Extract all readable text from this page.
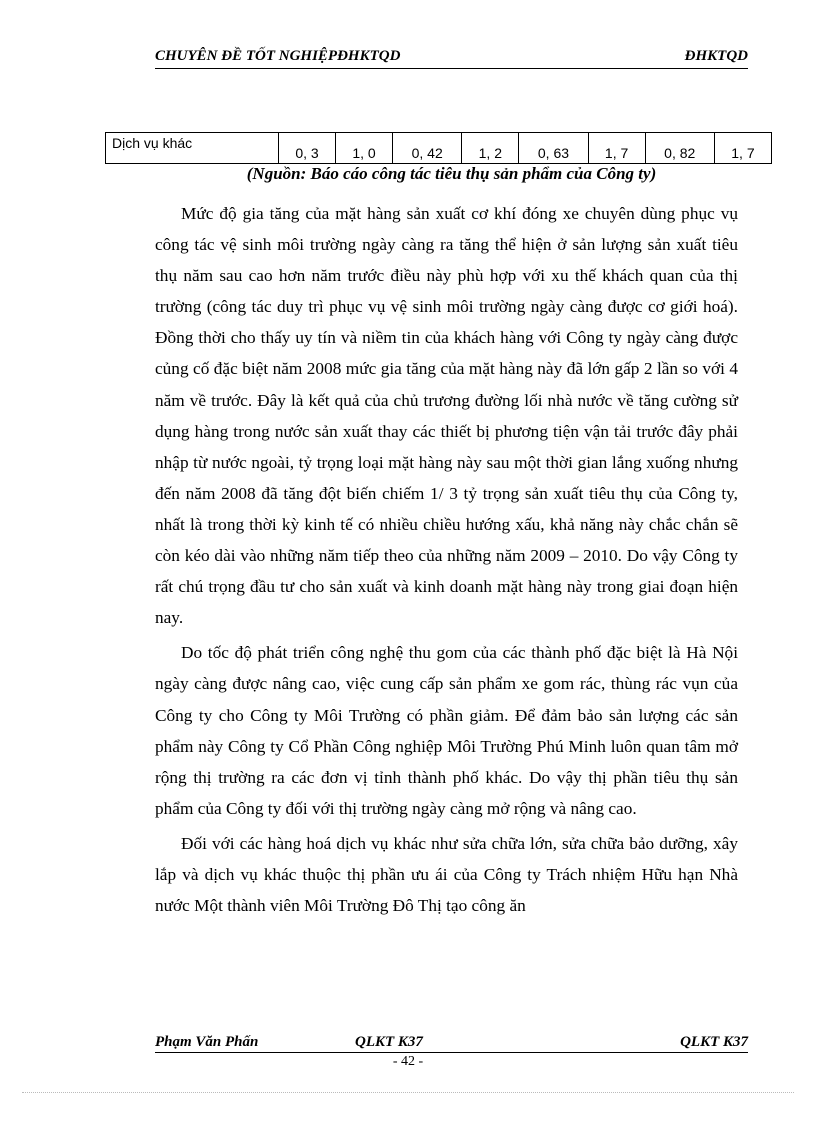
CHUYÊN ĐỀ TỐT NGHIỆPĐHKTQD	ĐHKTQD
Dịch vụ khác	0, 3	1, 0	0, 42	1, 2	0, 63	1, 7	0, 82	1, 7
(Nguồn: Báo cáo công tác tiêu thụ sản phẩm của Công ty)

Mức độ gia tăng của mặt hàng sản xuất cơ khí đóng xe chuyên dùng phục vụ công tác vệ sinh môi trường ngày càng ra tăng thể hiện ở sản lượng sản xuất tiêu thụ năm sau cao hơn năm trước điều này phù hợp với xu thế khách quan của thị trường (công tác duy trì phục vụ vệ sinh môi trường ngày càng được cơ giới hoá). Đồng thời cho thấy uy tín và niềm tin của khách hàng với Công ty ngày càng được củng cố đặc biệt năm 2008 mức gia tăng của mặt hàng này đã lớn gấp 2 lần so với 4 năm về trước. Đây là kết quả của chủ trương đường lối nhà nước về tăng cường sử dụng hàng trong nước sản xuất thay các thiết bị phương tiện vận tải trước đây phải nhập từ nước ngoài, tỷ trọng loại mặt hàng này sau một thời gian lắng xuống nhưng đến năm 2008 đã tăng đột biến chiếm 1/ 3 tỷ trọng sản xuất tiêu thụ của Công ty, nhất là trong thời kỳ kinh tế có nhiều chiều hướng xấu, khả năng này chắc chắn sẽ còn kéo dài vào những năm tiếp theo của những năm 2009 – 2010. Do vậy Công ty rất chú trọng đầu tư cho sản xuất và kinh doanh mặt hàng này trong giai đoạn hiện nay.

Do tốc độ phát triển công nghệ thu gom của các thành phố đặc biệt là Hà Nội ngày càng được nâng cao, việc cung cấp sản phẩm xe gom rác, thùng rác vụn của Công ty cho Công ty Môi Trường có phần giảm. Để đảm bảo sản lượng các sản phẩm này Công ty Cổ Phần Công nghiệp Môi Trường Phú Minh luôn quan tâm mở rộng thị trường ra các đơn vị tỉnh thành phố khác. Do vậy thị phần tiêu thụ sản phẩm của Công ty đối với thị trường ngày càng mở rộng và nâng cao.

Đối với các hàng hoá dịch vụ khác như sửa chữa lớn, sửa chữa bảo dưỡng, xây lắp và dịch vụ khác thuộc thị phần ưu ái của Công ty Trách nhiệm Hữu hạn Nhà nước Một thành viên Môi Trường Đô Thị tạo công ăn

Phạm Văn Phấn	QLKT K37	QLKT K37
- 42 -
